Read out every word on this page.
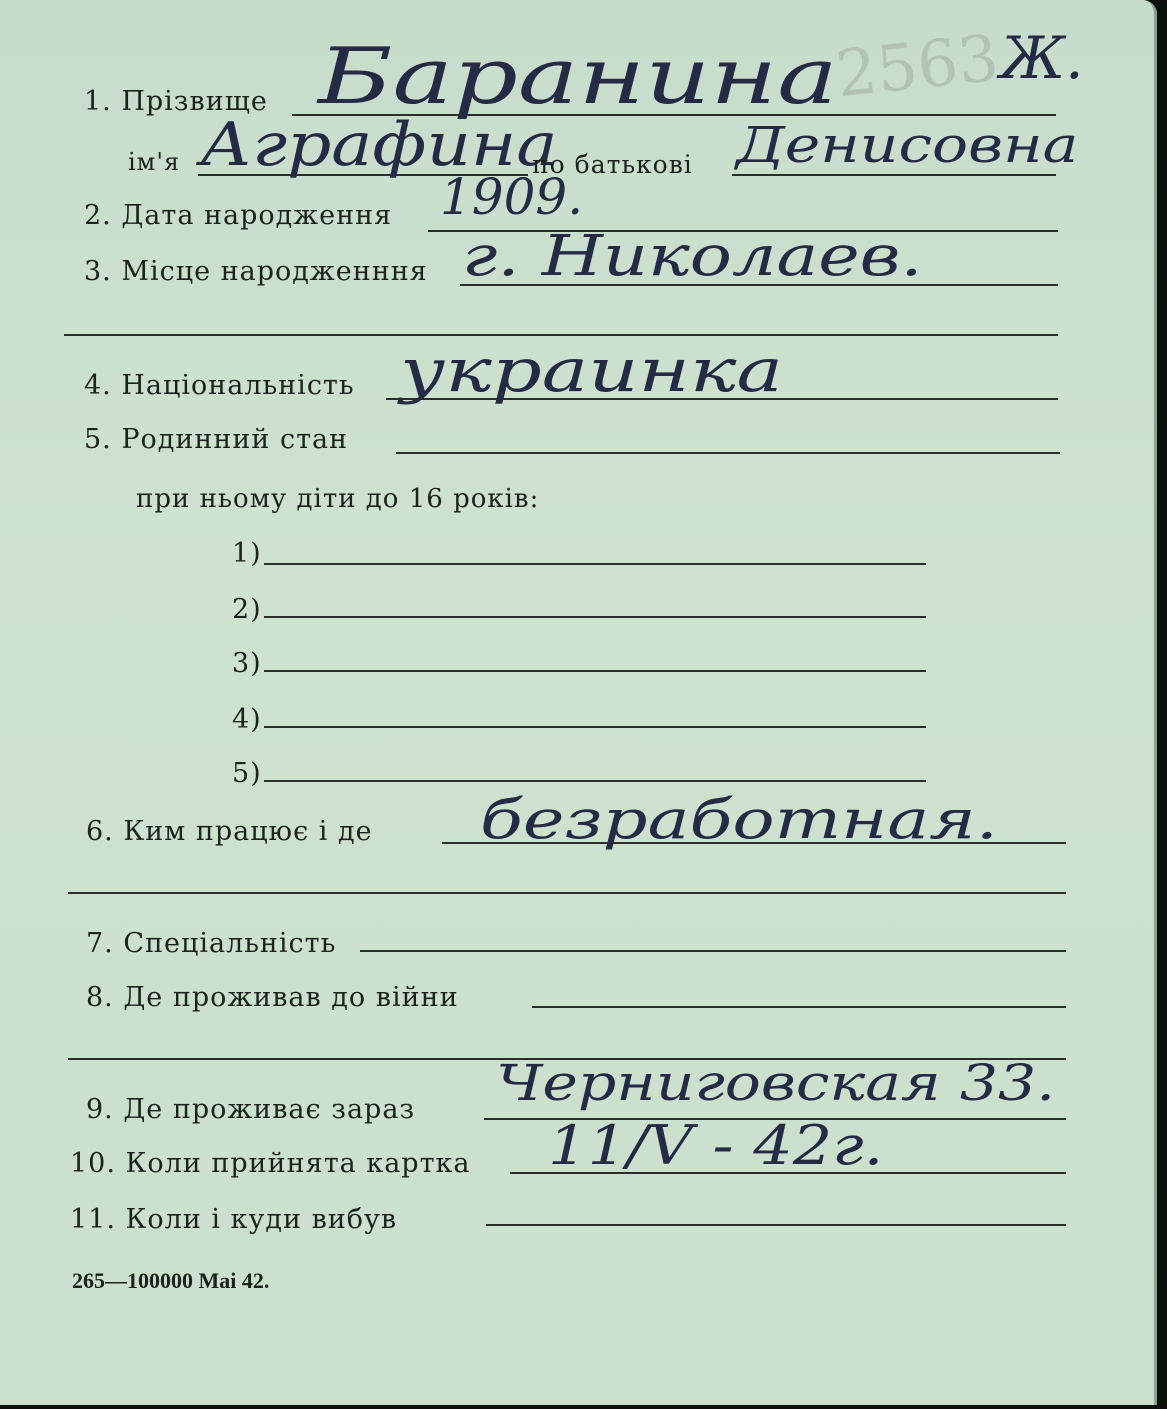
2563
Ж.
1. Прізвище Баранина
ім'я Аграфина
по батькові Денисовна
2. Дата народження 1909.
3. Місце народженння г. Николаев.
4. Національність украинка
5. Родинний стан
при ньому діти до 16 років:
1)
2)
3)
4)
5)
6. Ким працює і де безработная.
7. Спеціальність
8. Де проживав до війни
9. Де проживає зараз Черниговская 33.
10. Коли прийнята картка 11/V - 42г.
11. Коли і куди вибув
265—100000 Mai 42.
